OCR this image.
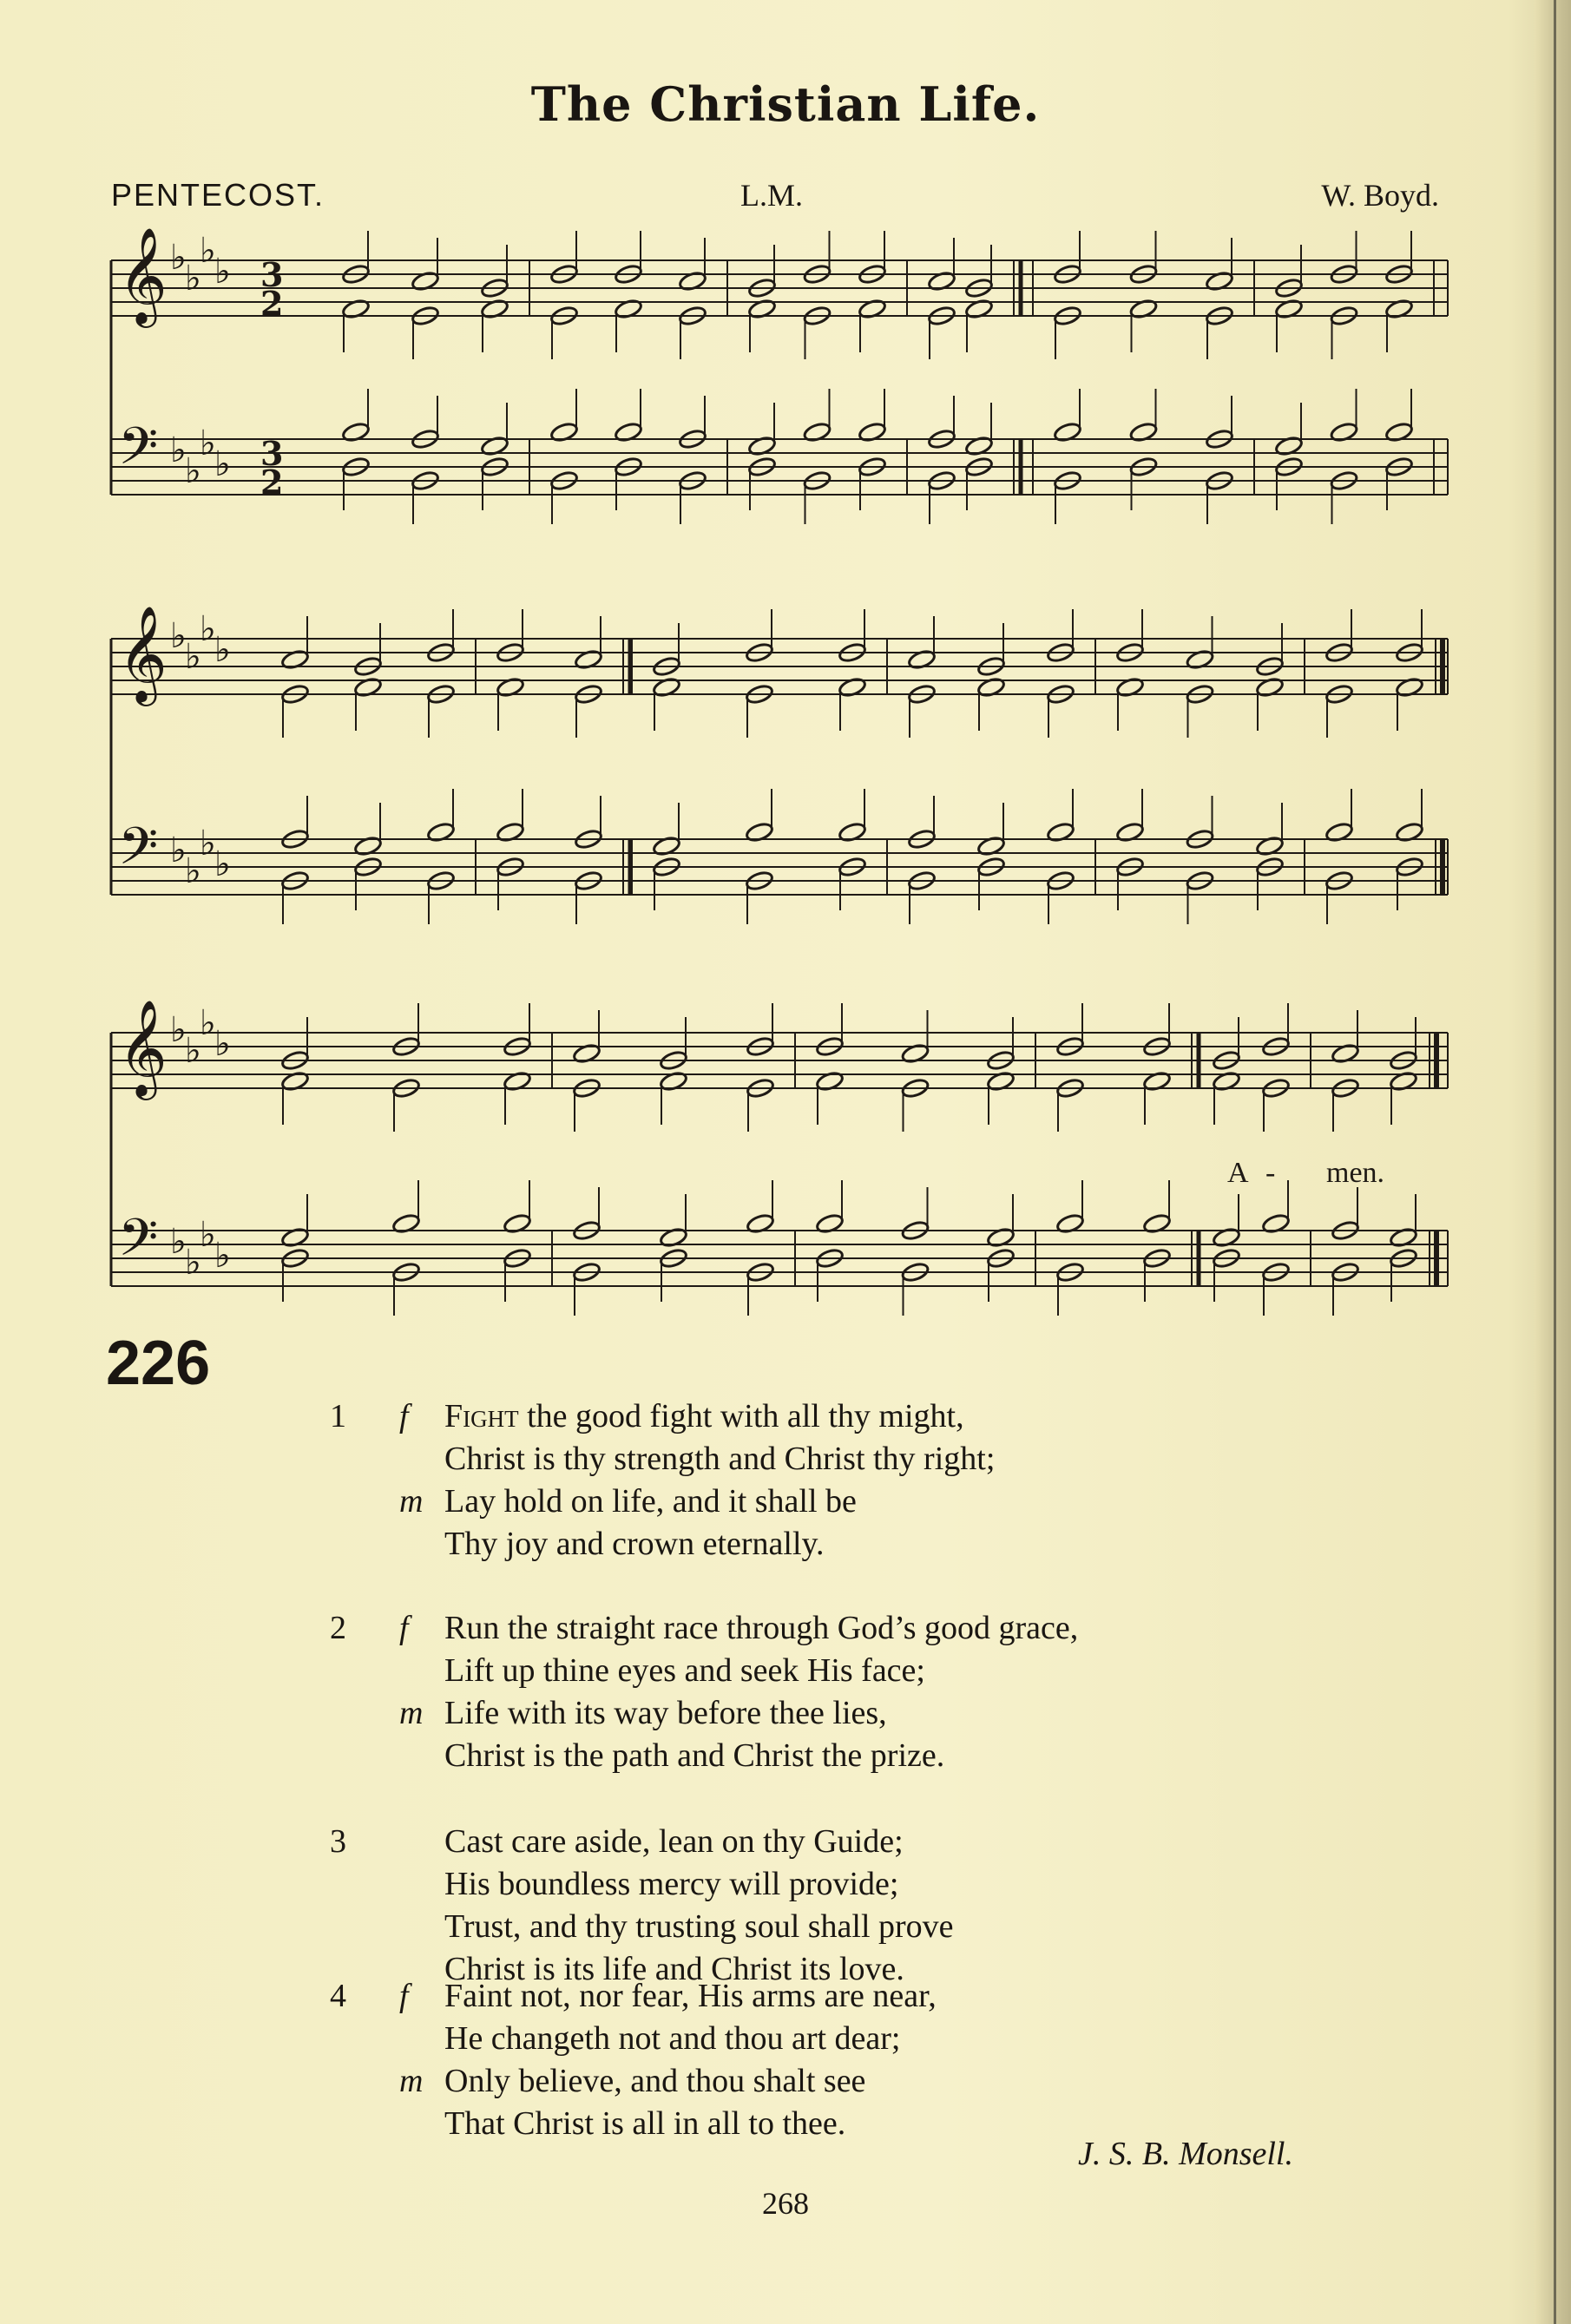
The Christian Life.
PENTECOST.	L.M.	W. Boyd.
𝄞
𝄢
♭
♭
♭
♭
♭
♭
♭
♭
3
2
3
2
𝄞
𝄢
♭
♭
♭
♭
♭
♭
♭
♭
𝄞
𝄢
♭
♭
♭
♭
♭
♭
♭
♭
A - men.
226
1	f Fight the good fight with all thy might,
Christ is thy strength and Christ thy right;
m Lay hold on life, and it shall be
Thy joy and crown eternally.
2	f Run the straight race through God’s good grace,
Lift up thine eyes and seek His face;
m Life with its way before thee lies,
Christ is the path and Christ the prize.
3	Cast care aside, lean on thy Guide;
His boundless mercy will provide;
Trust, and thy trusting soul shall prove
Christ is its life and Christ its love.
4	f Faint not, nor fear, His arms are near,
He changeth not and thou art dear;
m Only believe, and thou shalt see
That Christ is all in all to thee.
J. S. B. Monsell.
268
